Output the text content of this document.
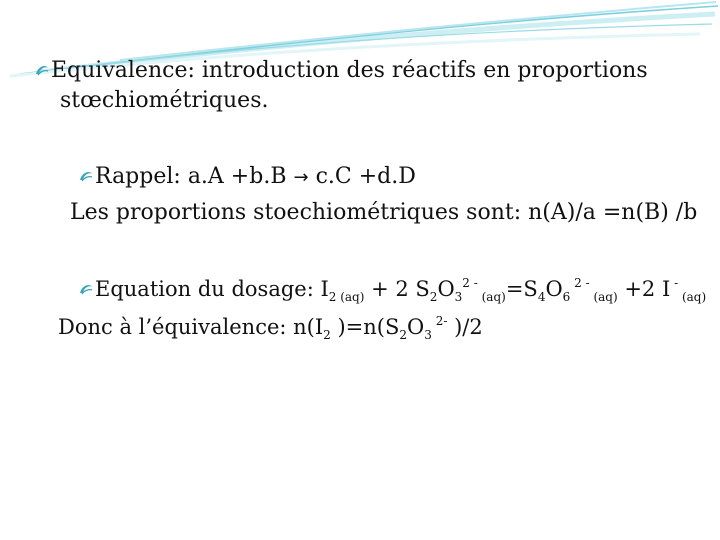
Equivalence: introduction des réactifs en proportions
stœchiométriques.
Rappel: a.A +b.B → c.C +d.D
Les proportions stoechiométriques sont: n(A)/a =n(B) /b
Equation du dosage: $I_{2 (aq)} + 2$ $S_2O_3^{2 -}$ $_{(aq)}=S_4O_6$ $^{2 -}$ $_{(aq)}$ +2 I - $_{(aq)}$
Donc à l’équivalence: $n(I_2$ )$=n(S_2O_3$ $^{2-}$ )/2
